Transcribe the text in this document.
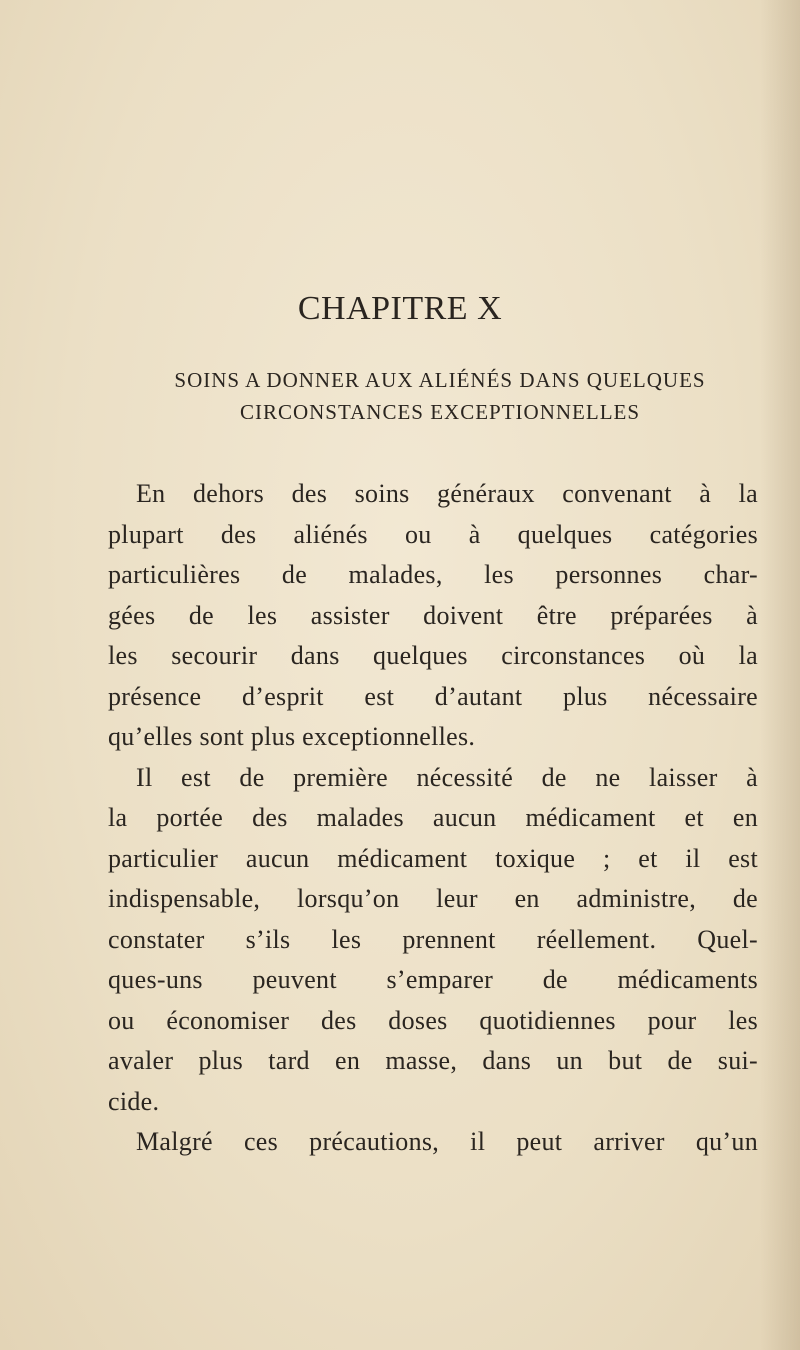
CHAPITRE X
SOINS A DONNER AUX ALIÉNÉS DANS QUELQUES
CIRCONSTANCES EXCEPTIONNELLES
En dehors des soins généraux convenant à la
plupart des aliénés ou à quelques catégories
particulières de malades, les personnes char-
gées de les assister doivent être préparées à
les secourir dans quelques circonstances où la
présence d’esprit est d’autant plus nécessaire
qu’elles sont plus exceptionnelles.
Il est de première nécessité de ne laisser à
la portée des malades aucun médicament et en
particulier aucun médicament toxique ; et il est
indispensable, lorsqu’on leur en administre, de
constater s’ils les prennent réellement. Quel-
ques-uns peuvent s’emparer de médicaments
ou économiser des doses quotidiennes pour les
avaler plus tard en masse, dans un but de sui-
cide.
Malgré ces précautions, il peut arriver qu’un
